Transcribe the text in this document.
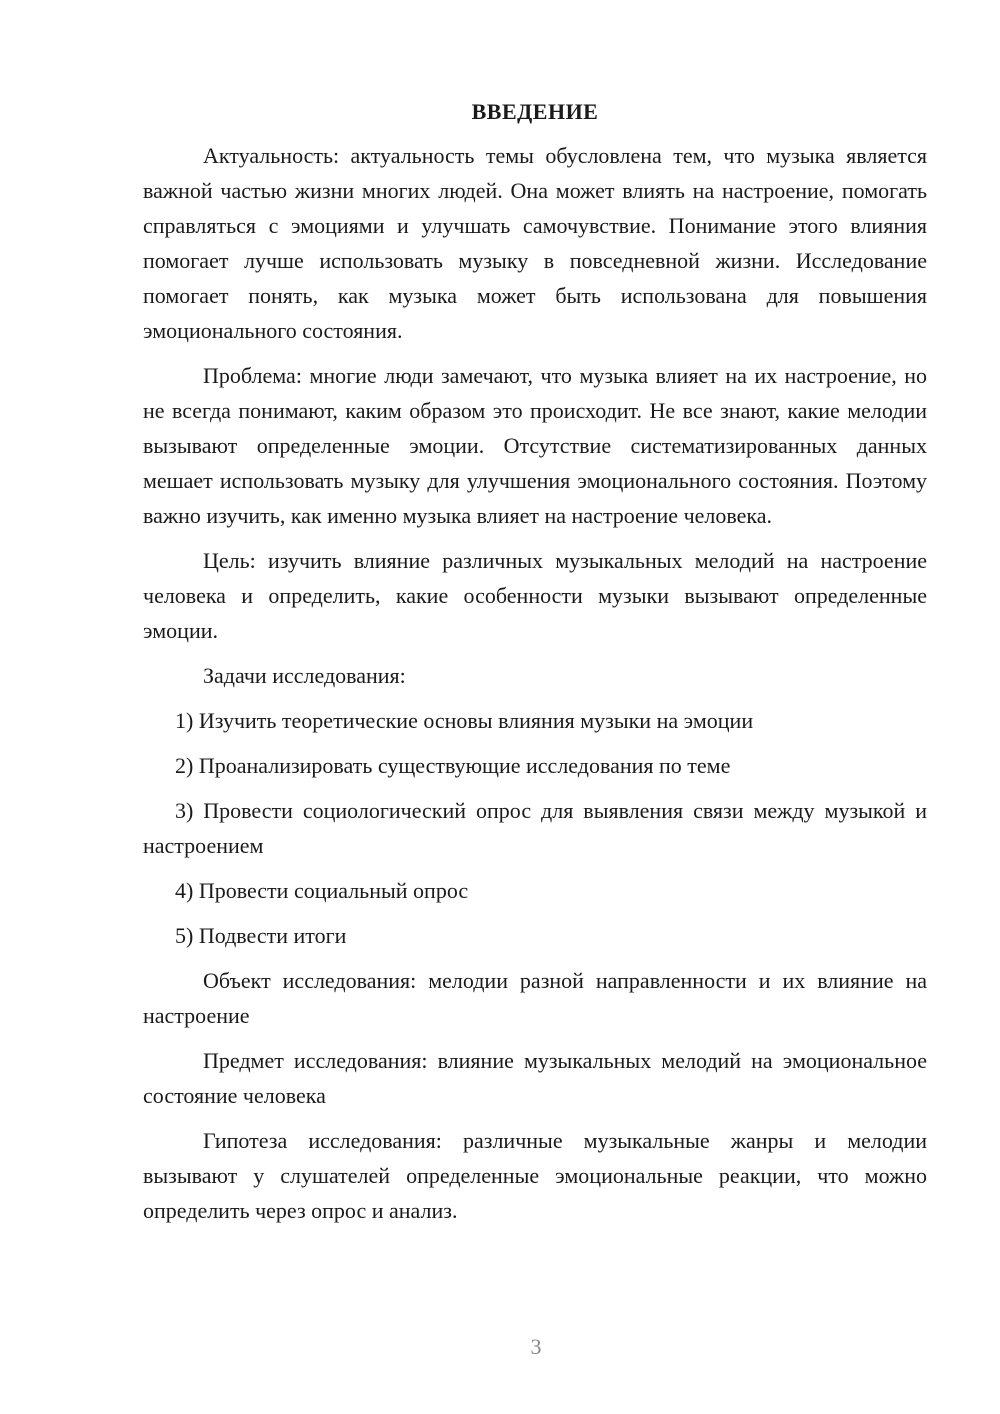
ВВЕДЕНИЕ

Актуальность: актуальность темы обусловлена тем, что музыка является важной частью жизни многих людей. Она может влиять на настроение, помогать справляться с эмоциями и улучшать самочувствие. Понимание этого влияния помогает лучше использовать музыку в повседневной жизни. Исследование помогает понять, как музыка может быть использована для повышения эмоционального состояния.

Проблема: многие люди замечают, что музыка влияет на их настроение, но не всегда понимают, каким образом это происходит. Не все знают, какие мелодии вызывают определенные эмоции. Отсутствие систематизированных данных мешает использовать музыку для улучшения эмоционального состояния. Поэтому важно изучить, как именно музыка влияет на настроение человека.

Цель: изучить влияние различных музыкальных мелодий на настроение человека и определить, какие особенности музыки вызывают определенные эмоции.

Задачи исследования:

1) Изучить теоретические основы влияния музыки на эмоции

2) Проанализировать существующие исследования по теме

3) Провести социологический опрос для выявления связи между музыкой и настроением

4) Провести социальный опрос

5) Подвести итоги

Объект исследования: мелодии разной направленности и их влияние на настроение

Предмет исследования: влияние музыкальных мелодий на эмоциональное состояние человека

Гипотеза исследования: различные музыкальные жанры и мелодии вызывают у слушателей определенные эмоциональные реакции, что можно определить через опрос и анализ.

3
